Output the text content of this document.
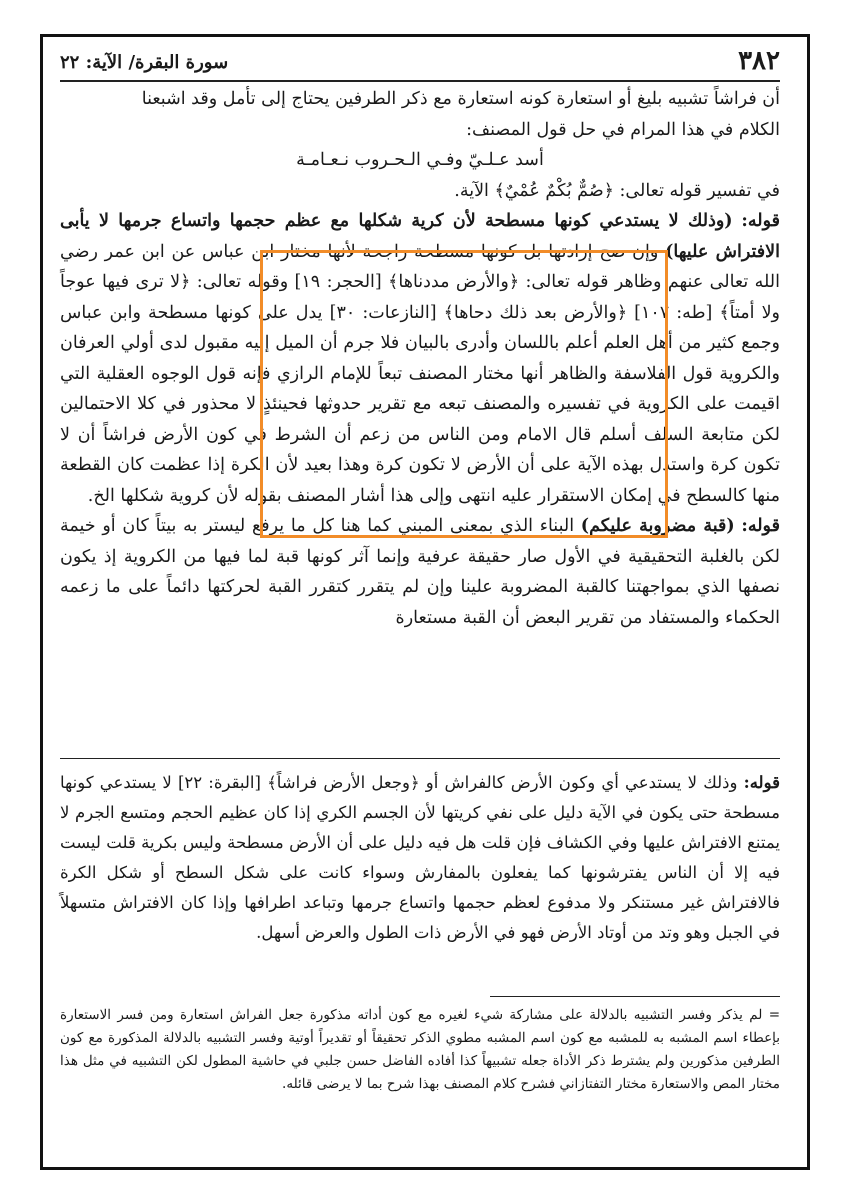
٣٨٢
سورة البقرة/ الآية: ٢٢

أن فراشاً تشبيه بليغ أو استعارة كونه استعارة مع ذكر الطرفين يحتاج إلى تأمل وقد اشبعنا

الكلام في هذا المرام في حل قول المصنف:

أسد عـلـيّ وفـي الـحـروب نـعـامـة

في تفسير قوله تعالى: ﴿صُمٌّ بُكْمٌ عُمْيٌ﴾ الآية.

قوله: (وذلك لا يستدعي كونها مسطحة لأن كرية شكلها مع عظم حجمها واتساع جرمها لا يأبى الافتراش عليها) وإن صح إرادتها بل كونها مسطحة راجحة لأنها مختار ابن عباس عن ابن عمر رضي الله تعالى عنهم وظاهر قوله تعالى: ﴿والأرض مددناها﴾ [الحجر: ١٩] وقوله تعالى: ﴿لا ترى فيها عوجاً ولا أمتاً﴾ [طه: ١٠٧] ﴿والأرض بعد ذلك دحاها﴾ [النازعات: ٣٠] يدل على كونها مسطحة وابن عباس وجمع كثير من أهل العلم أعلم باللسان وأدرى بالبيان فلا جرم أن الميل إليه مقبول لدى أولي العرفان والكروية قول الفلاسفة والظاهر أنها مختار المصنف تبعاً للإمام الرازي فإنه قول الوجوه العقلية التي اقيمت على الكروية في تفسيره والمصنف تبعه مع تقرير حدوثها فحينئذٍ لا محذور في كلا الاحتمالين لكن متابعة السلف أسلم قال الامام ومن الناس من زعم أن الشرط في كون الأرض فراشاً أن لا تكون كرة واستدل بهذه الآية على أن الأرض لا تكون كرة وهذا بعيد لأن الكرة إذا عظمت كان القطعة منها كالسطح في إمكان الاستقرار عليه انتهى وإلى هذا أشار المصنف بقوله لأن كروية شكلها الخ.

قوله: (قبة مضروبة عليكم) البناء الذي بمعنى المبني كما هنا كل ما يرفع ليستر به بيتاً كان أو خيمة لكن بالغلبة التحقيقية في الأول صار حقيقة عرفية وإنما آثر كونها قبة لما فيها من الكروية إذ يكون نصفها الذي بمواجهتنا كالقبة المضروبة علينا وإن لم يتقرر كتقرر القبة لحركتها دائماً على ما زعمه الحكماء والمستفاد من تقرير البعض أن القبة مستعارة

قوله: وذلك لا يستدعي أي وكون الأرض كالفراش أو ﴿وجعل الأرض فراشاً﴾ [البقرة: ٢٢] لا يستدعي كونها مسطحة حتى يكون في الآية دليل على نفي كريتها لأن الجسم الكري إذا كان عظيم الحجم ومتسع الجرم لا يمتنع الافتراش عليها وفي الكشاف فإن قلت هل فيه دليل على أن الأرض مسطحة وليس بكرية قلت ليست فيه إلا أن الناس يفترشونها كما يفعلون بالمفارش وسواء كانت على شكل السطح أو شكل الكرة فالافتراش غير مستنكر ولا مدفوع لعظم حجمها واتساع جرمها وتباعد اطرافها وإذا كان الافتراش متسهلاً في الجبل وهو وتد من أوتاد الأرض فهو في الأرض ذات الطول والعرض أسهل.

= لم يذكر وفسر التشبيه بالدلالة على مشاركة شيء لغيره مع كون أداته مذكورة جعل الفراش استعارة ومن فسر الاستعارة بإعطاء اسم المشبه به للمشبه مع كون اسم المشبه مطوي الذكر تحقيقاً أو تقديراً أوتية وفسر التشبيه بالدلالة المذكورة مع كون الطرفين مذكورين ولم يشترط ذكر الأداة جعله تشبيهاً كذا أفاده الفاضل حسن جلبي في حاشية المطول لكن التشبيه في مثل هذا مختار المص والاستعارة مختار التفتازاني فشرح كلام المصنف بهذا شرح بما لا يرضى قائله.
